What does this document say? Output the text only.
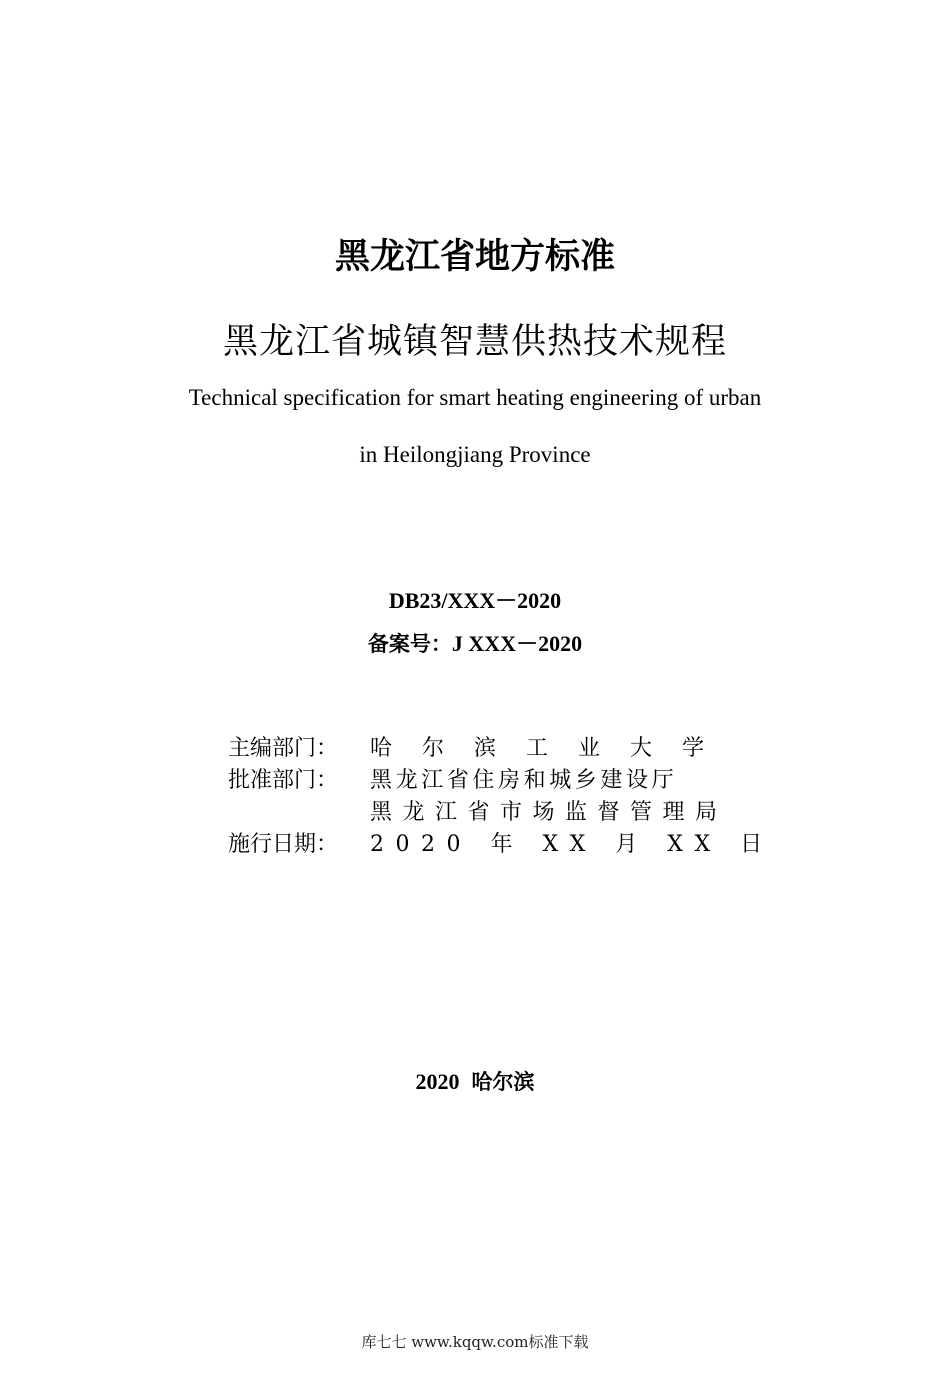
黑龙江省地方标准
黑龙江省城镇智慧供热技术规程
Technical specification for smart heating engineering of urban
in Heilongjiang Province
DB23/XXX－2020
备案号：J XXX－2020
主编部门：	哈尔滨工业大学
批准部门：	黑龙江省住房和城乡建设厅
黑龙江省市场监督管理局
施行日期：	2020 年 XX 月 XX 日
2020 哈尔滨
库七七 www.kqqw.com标准下载
